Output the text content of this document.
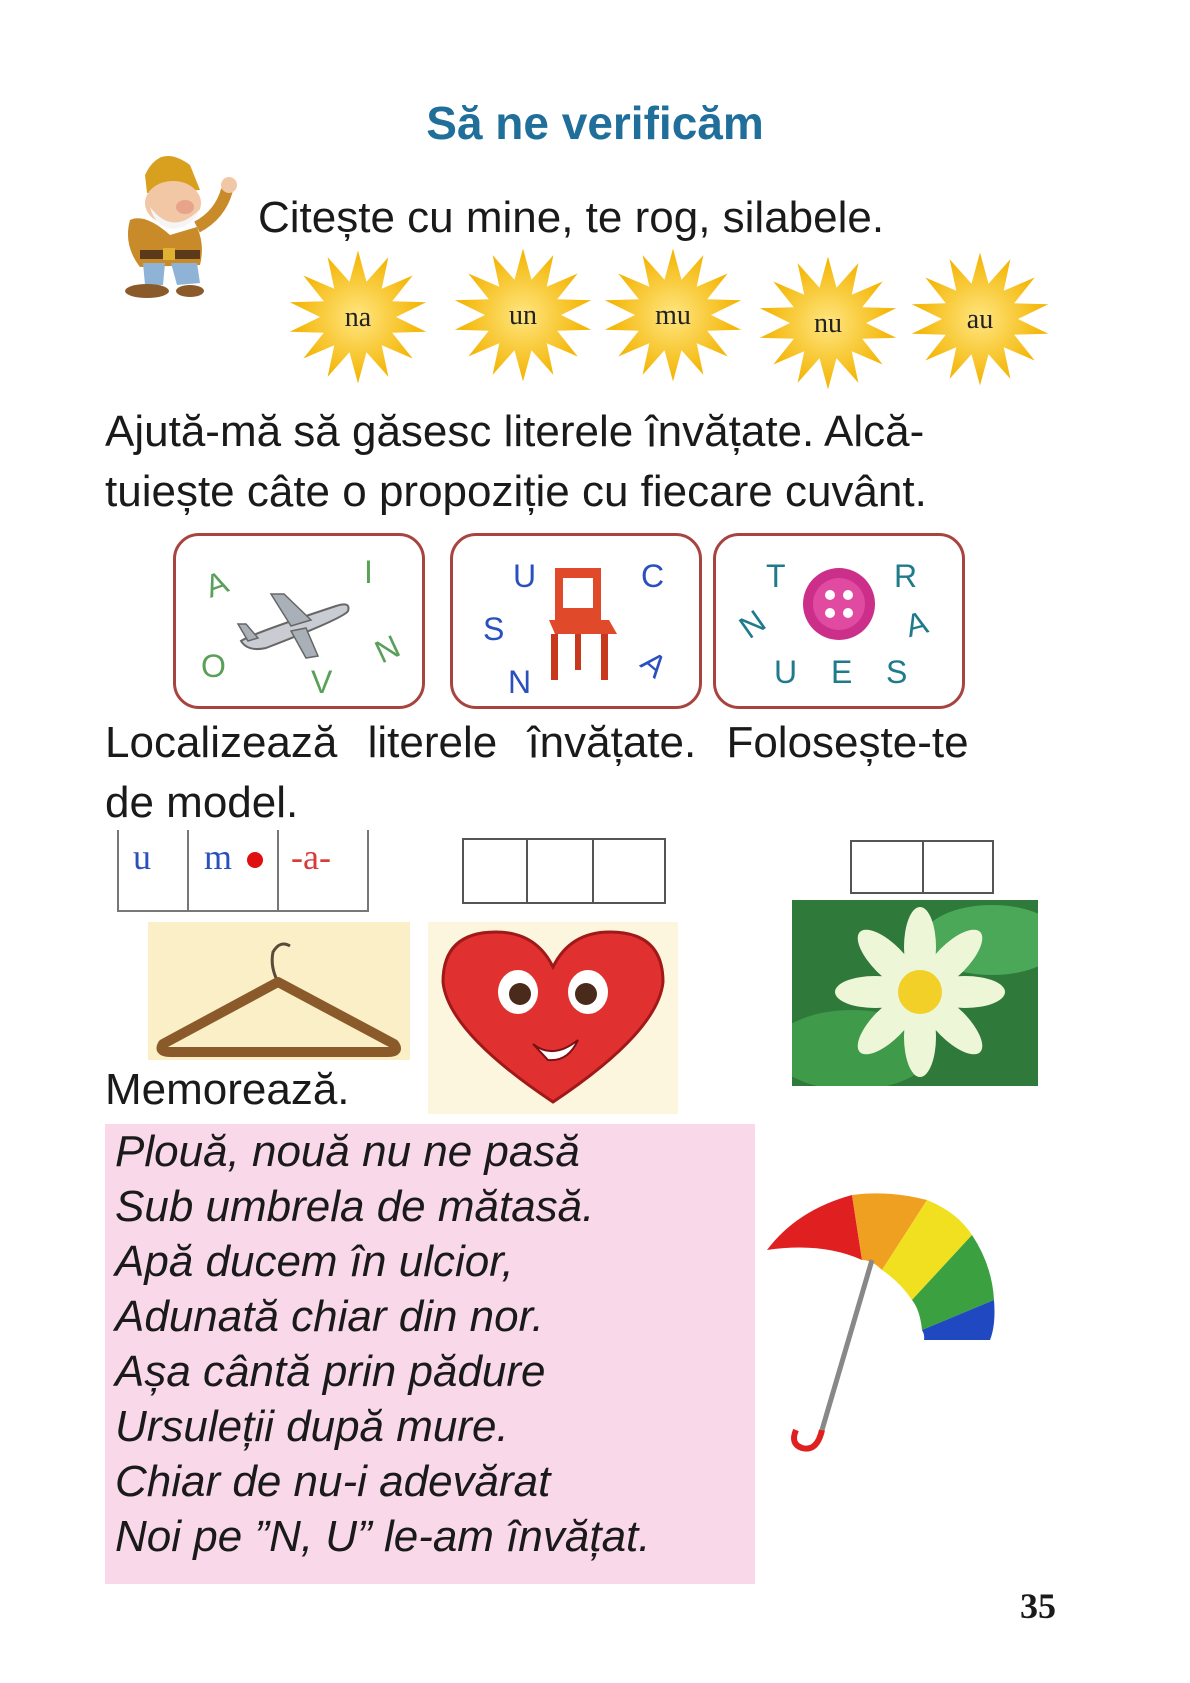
Să ne verificăm
Citește cu mine, te rog, silabele.
na	un	mu	nu	au
Ajută-mă să găsesc literele învățate. Alcă-
tuiește câte o propoziție cu fiecare cuvânt.
A	I
O	V
N
U	C
S
N	A
T	R
N	A
U E S
Localizează literele învățate. Folosește-te
de model.
u m -a-
Memorează.
Plouă, nouă nu ne pasă
Sub umbrela de mătasă.
Apă ducem în ulcior,
Adunată chiar din nor.
Așa cântă prin pădure
Ursuleții după mure.
Chiar de nu-i adevărat
Noi pe ”N, U” le-am învățat.
35
